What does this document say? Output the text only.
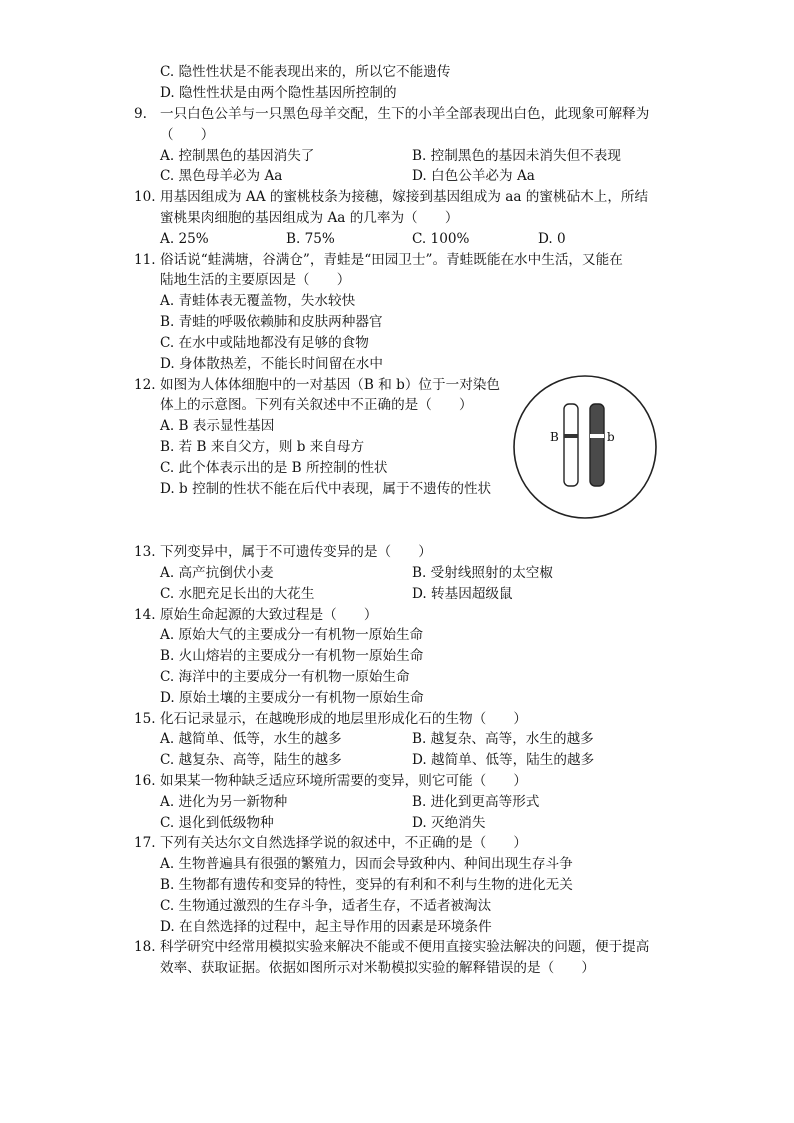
C. 隐性性状是不能表现出来的，所以它不能遗传
D. 隐性性状是由两个隐性基因所控制的
9. 一只白色公羊与一只黑色母羊交配，生下的小羊全部表现出白色，此现象可解释为
（　　）
A. 控制黑色的基因消失了	B. 控制黑色的基因未消失但不表现
C. 黑色母羊必为 Aa	D. 白色公羊必为 Aa
10. 用基因组成为 AA 的蜜桃枝条为接穗，嫁接到基因组成为 aa 的蜜桃砧木上，所结
蜜桃果肉细胞的基因组成为 Aa 的几率为（　　）
A. 25%	B. 75%	C. 100%	D. 0
11. 俗话说“蛙满塘，谷满仓”，青蛙是“田园卫士”。青蛙既能在水中生活，又能在
陆地生活的主要原因是（　　）
A. 青蛙体表无覆盖物，失水较快
B. 青蛙的呼吸依赖肺和皮肤两种器官
C. 在水中或陆地都没有足够的食物
D. 身体散热差，不能长时间留在水中
12. 如图为人体体细胞中的一对基因（B 和 b）位于一对染色
体上的示意图。下列有关叙述中不正确的是（　　）
A. B 表示显性基因
B. 若 B 来自父方，则 b 来自母方
C. 此个体表示出的是 B 所控制的性状
D. b 控制的性状不能在后代中表现，属于不遗传的性状
B	b
13. 下列变异中，属于不可遗传变异的是（　　）
A. 高产抗倒伏小麦	B. 受射线照射的太空椒
C. 水肥充足长出的大花生	D. 转基因超级鼠
14. 原始生命起源的大致过程是（　　）
A. 原始大气的主要成分一有机物一原始生命
B. 火山熔岩的主要成分一有机物一原始生命
C. 海洋中的主要成分一有机物一原始生命
D. 原始土壤的主要成分一有机物一原始生命
15. 化石记录显示，在越晚形成的地层里形成化石的生物（　　）
A. 越简单、低等，水生的越多	B. 越复杂、高等，水生的越多
C. 越复杂、高等，陆生的越多	D. 越简单、低等，陆生的越多
16. 如果某一物种缺乏适应环境所需要的变异，则它可能（　　）
A. 进化为另一新物种	B. 进化到更高等形式
C. 退化到低级物种	D. 灭绝消失
17. 下列有关达尔文自然选择学说的叙述中，不正确的是（　　）
A. 生物普遍具有很强的繁殖力，因而会导致种内、种间出现生存斗争
B. 生物都有遗传和变异的特性，变异的有利和不利与生物的进化无关
C. 生物通过激烈的生存斗争，适者生存，不适者被淘汰
D. 在自然选择的过程中，起主导作用的因素是环境条件
18. 科学研究中经常用模拟实验来解决不能或不便用直接实验法解决的问题，便于提高
效率、获取证据。依据如图所示对米勒模拟实验的解释错误的是（　　）
